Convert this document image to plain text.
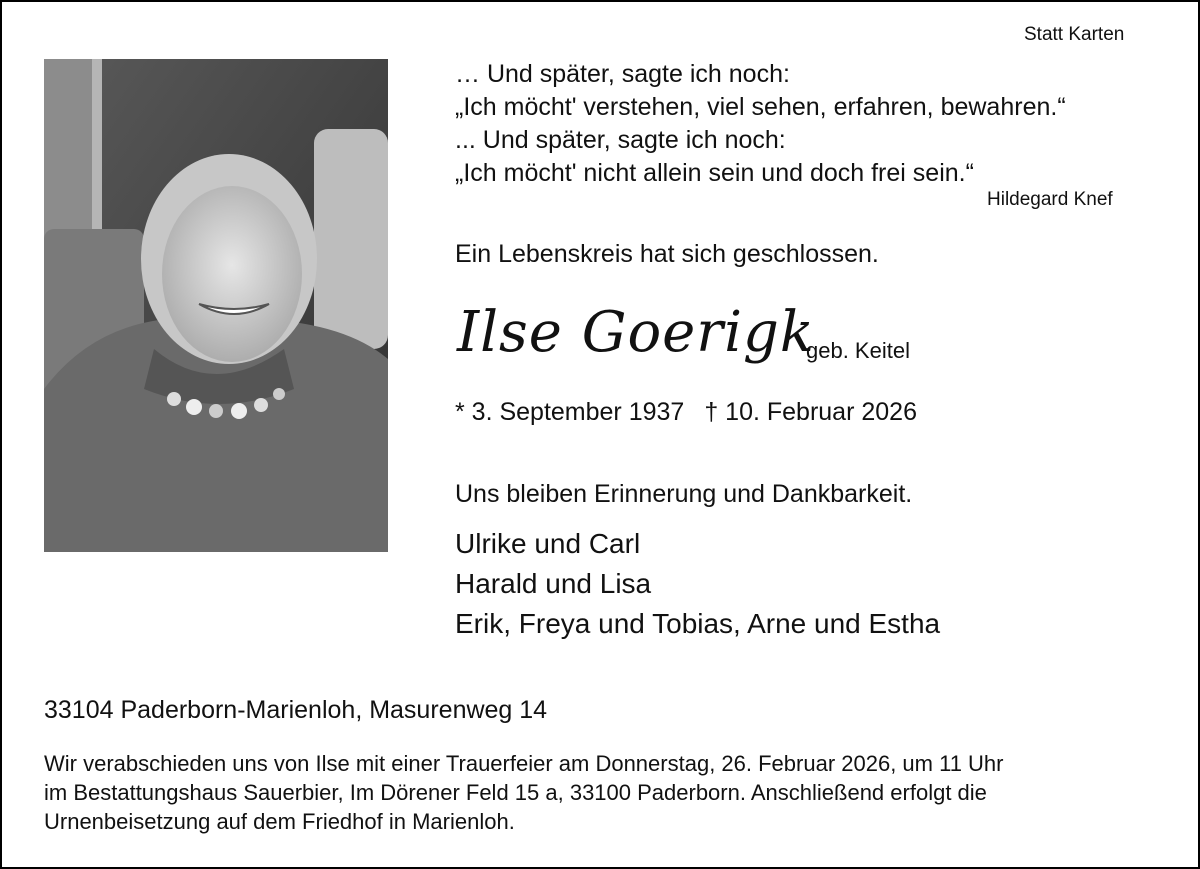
Statt Karten
… Und später, sagte ich noch:
„Ich möcht' verstehen, viel sehen, erfahren, bewahren.“
... Und später, sagte ich noch:
„Ich möcht' nicht allein sein und doch frei sein.“
Hildegard Knef
Ein Lebenskreis hat sich geschlossen.
Ilse Goerigk
geb. Keitel
* 3. September 1937 † 10. Februar 2026
Uns bleiben Erinnerung und Dankbarkeit.
Ulrike und Carl
Harald und Lisa
Erik, Freya und Tobias, Arne und Estha
33104 Paderborn-Marienloh, Masurenweg 14
Wir verabschieden uns von Ilse mit einer Trauerfeier am Donnerstag, 26. Februar 2026, um 11 Uhr
im Bestattungshaus Sauerbier, Im Dörener Feld 15 a, 33100 Paderborn. Anschließend erfolgt die
Urnenbeisetzung auf dem Friedhof in Marienloh.
